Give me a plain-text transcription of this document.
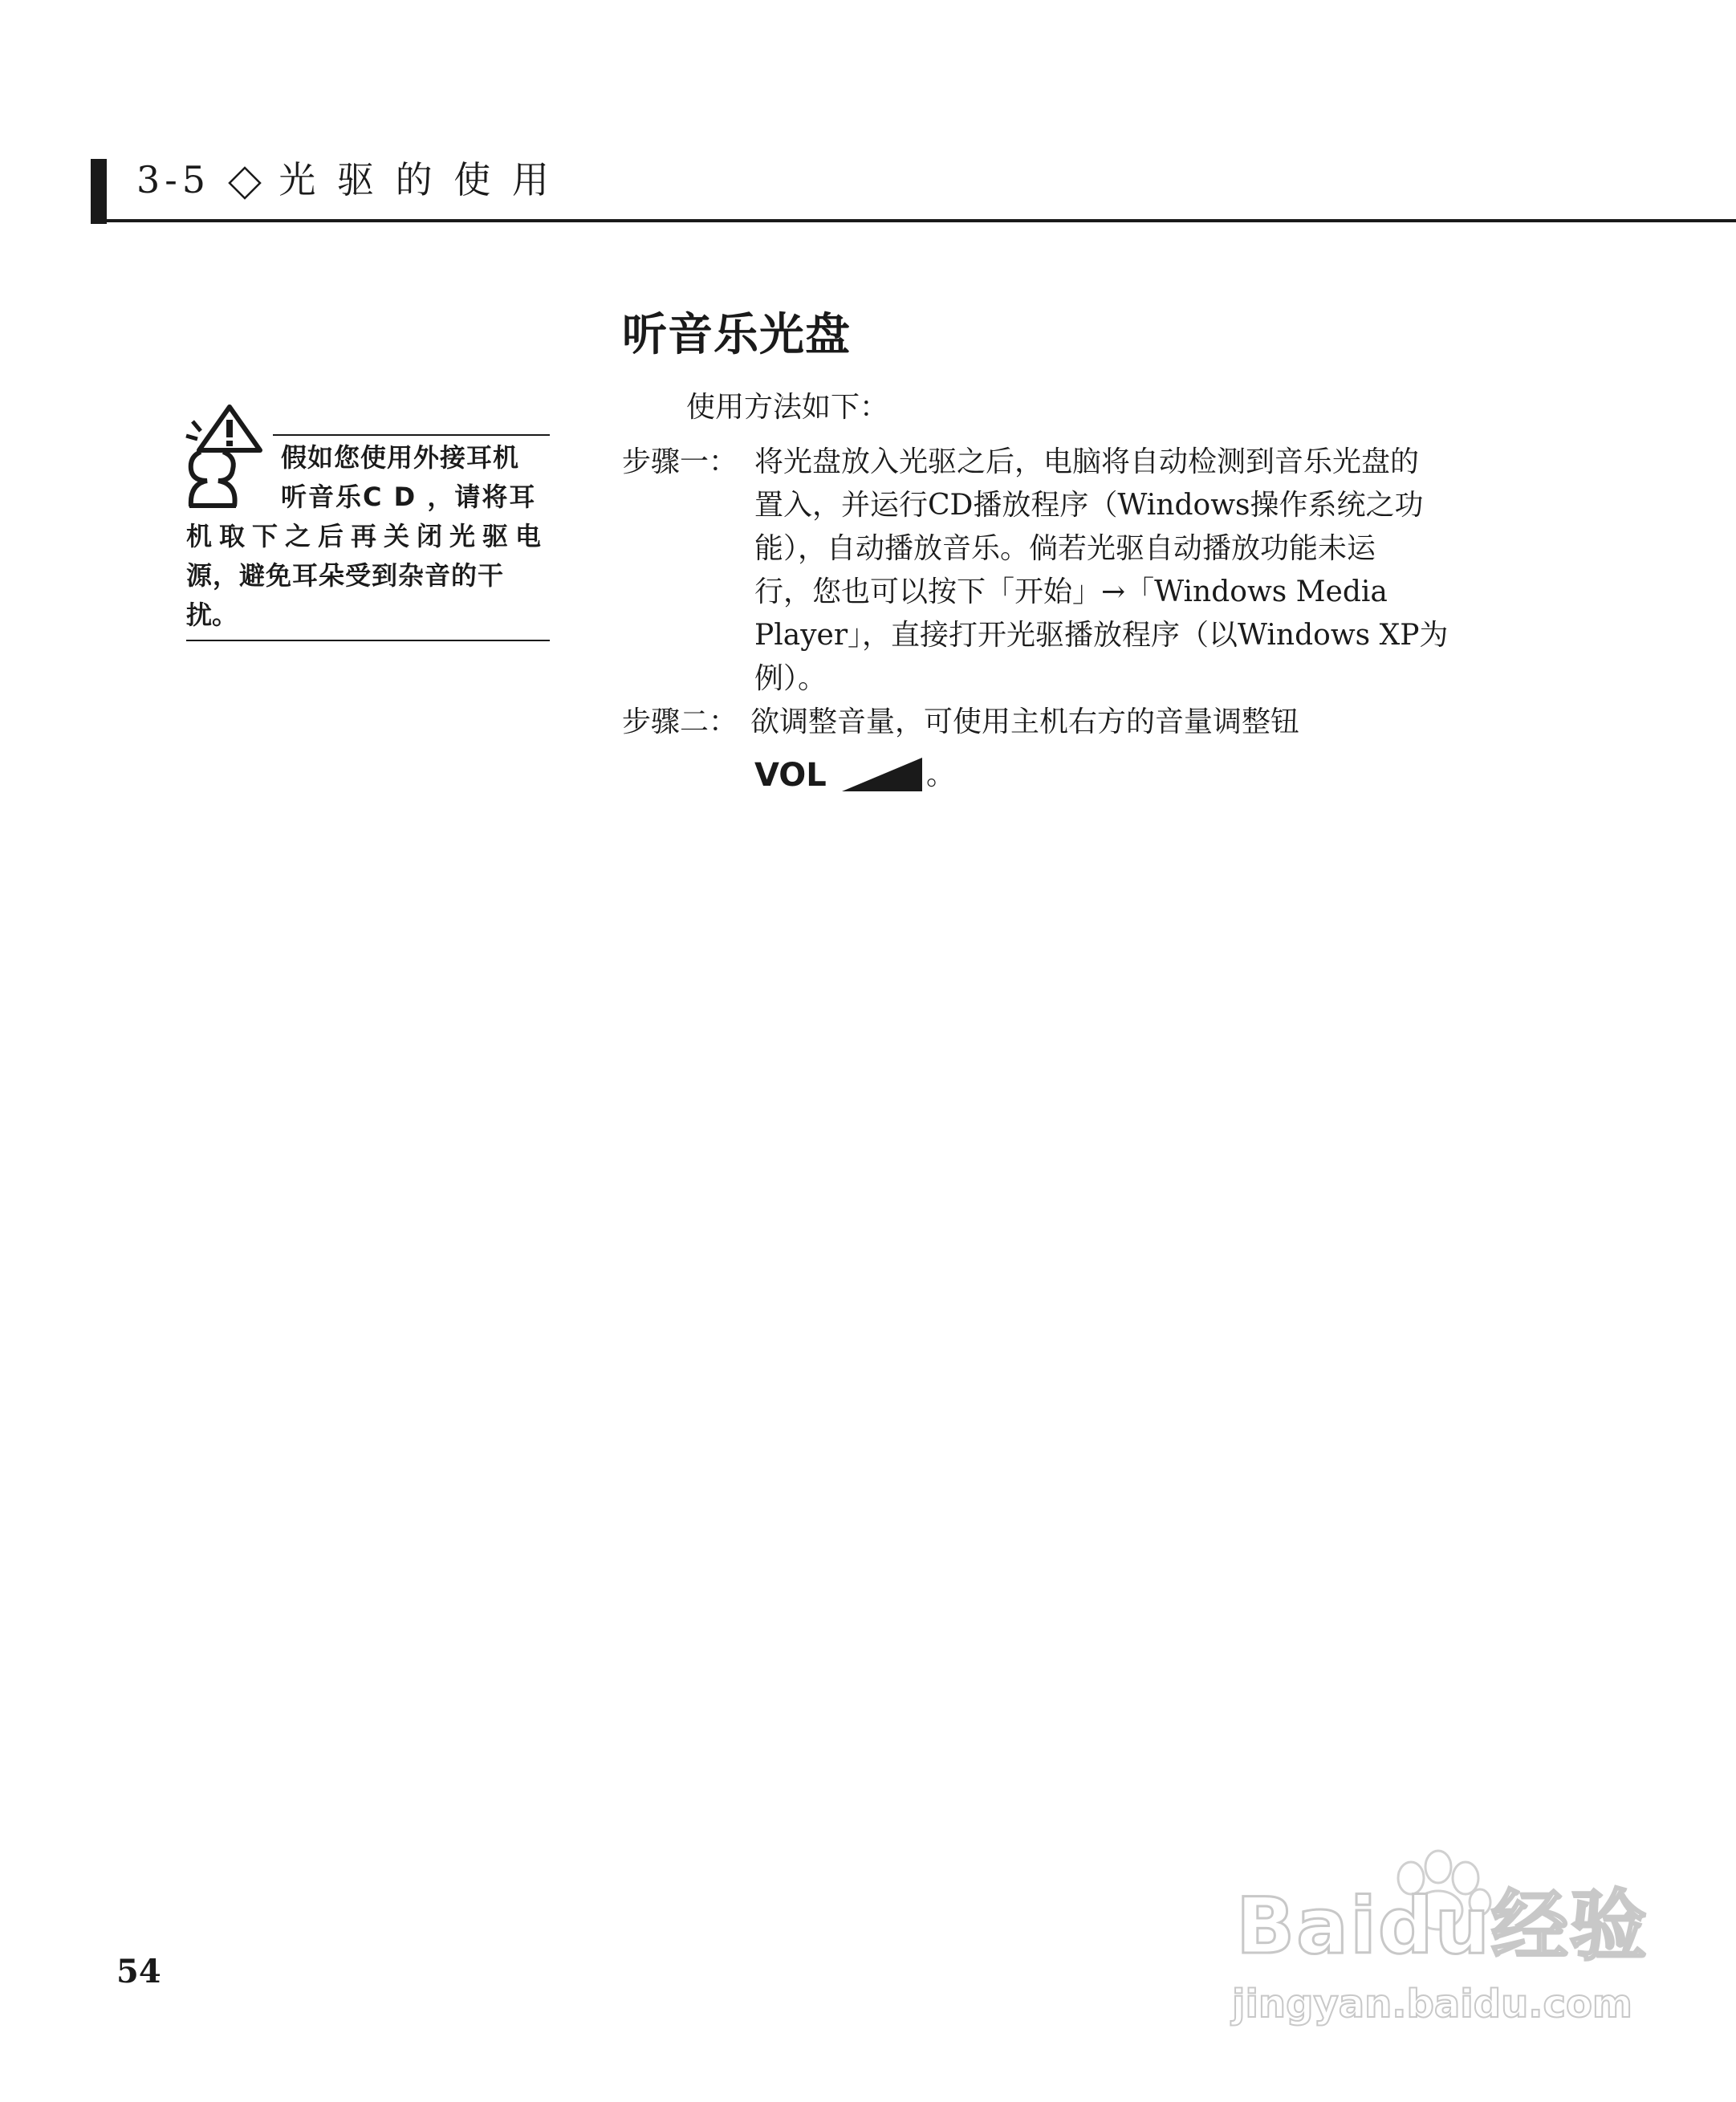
3-5 光 驱 的 使 用
假如您使用外接耳机
听音乐C D ，请将耳
机取下之后再关闭光驱电
源，避免耳朵受到杂音的干
扰。
听音乐光盘
使用方法如下：
步骤一： 将光盘放入光驱之后，电脑将自动检测到音乐光盘的
置入，并运行CD播放程序（Windows操作系统之功
能），自动播放音乐。倘若光驱自动播放功能未运
行，您也可以按下「开始」→「Windows Media
Player」，直接打开光驱播放程序（以Windows XP为
例）。
步骤二： 欲调整音量，可使用主机右方的音量调整钮
VOL	。
54
Baidu经验
jingyan.baidu.com
